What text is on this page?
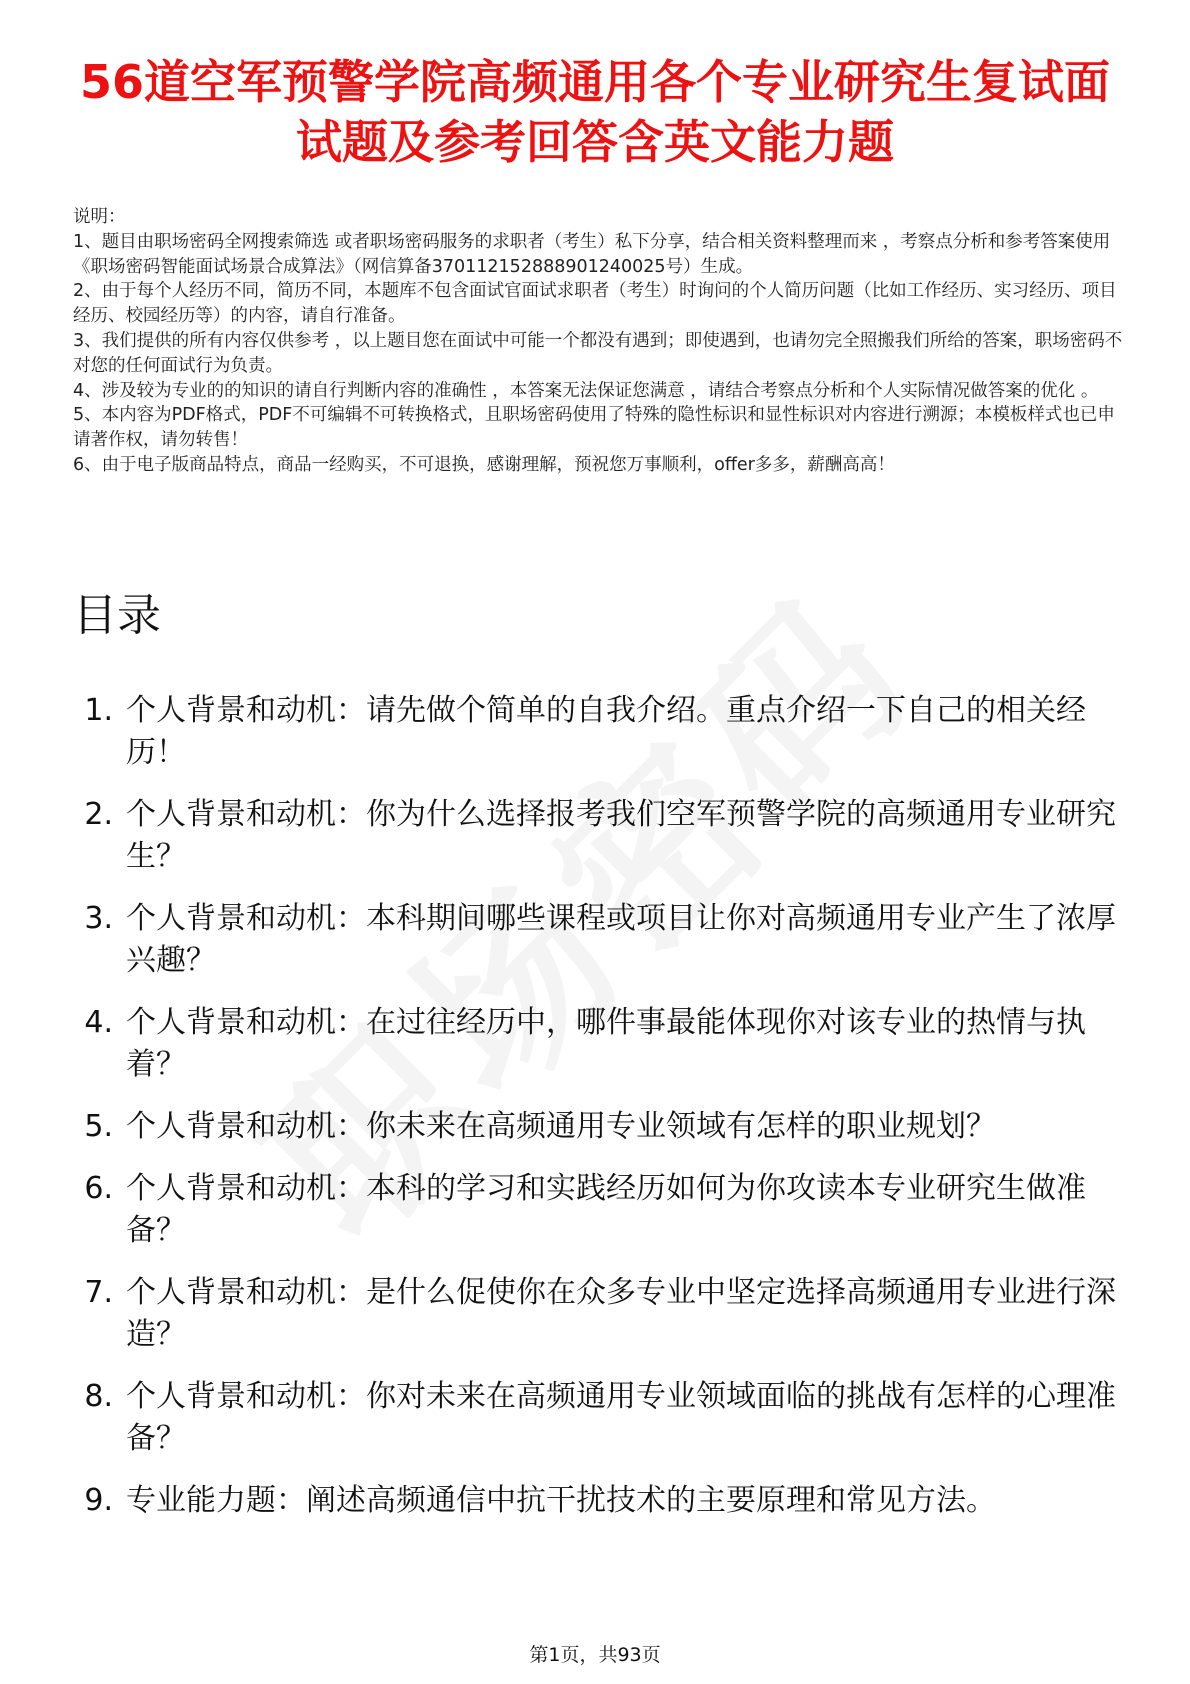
56道空军预警学院高频通用各个专业研究生复试面试题及参考回答含英文能力题
说明：
1、题目由职场密码全网搜索筛选 或者职场密码服务的求职者（考生）私下分享，结合相关资料整理而来 ，考察点分析和参考答案使用《职场密码智能面试场景合成算法》（网信算备370112152888901240025号）生成。
2、由于每个人经历不同，简历不同，本题库不包含面试官面试求职者（考生）时询问的个人简历问题（比如工作经历、实习经历、项目经历、校园经历等）的内容，请自行准备。
3、我们提供的所有内容仅供参考 ，以上题目您在面试中可能一个都没有遇到；即使遇到，也请勿完全照搬我们所给的答案，职场密码不对您的任何面试行为负责。
4、涉及较为专业的的知识的请自行判断内容的准确性 ，本答案无法保证您满意 ，请结合考察点分析和个人实际情况做答案的优化 。
5、本内容为PDF格式，PDF不可编辑不可转换格式，且职场密码使用了特殊的隐性标识和显性标识对内容进行溯源；本模板样式也已申请著作权，请勿转售！
6、由于电子版商品特点，商品一经购买，不可退换，感谢理解，预祝您万事顺利，offer多多，薪酬高高！
目录
1. 个人背景和动机：请先做个简单的自我介绍。重点介绍一下自己的相关经历！
2. 个人背景和动机：你为什么选择报考我们空军预警学院的高频通用专业研究生？
3. 个人背景和动机：本科期间哪些课程或项目让你对高频通用专业产生了浓厚兴趣？
4. 个人背景和动机：在过往经历中，哪件事最能体现你对该专业的热情与执着？
5. 个人背景和动机：你未来在高频通用专业领域有怎样的职业规划？
6. 个人背景和动机：本科的学习和实践经历如何为你攻读本专业研究生做准备？
7. 个人背景和动机：是什么促使你在众多专业中坚定选择高频通用专业进行深造？
8. 个人背景和动机：你对未来在高频通用专业领域面临的挑战有怎样的心理准备？
9. 专业能力题：阐述高频通信中抗干扰技术的主要原理和常见方法。
第1页，共93页
